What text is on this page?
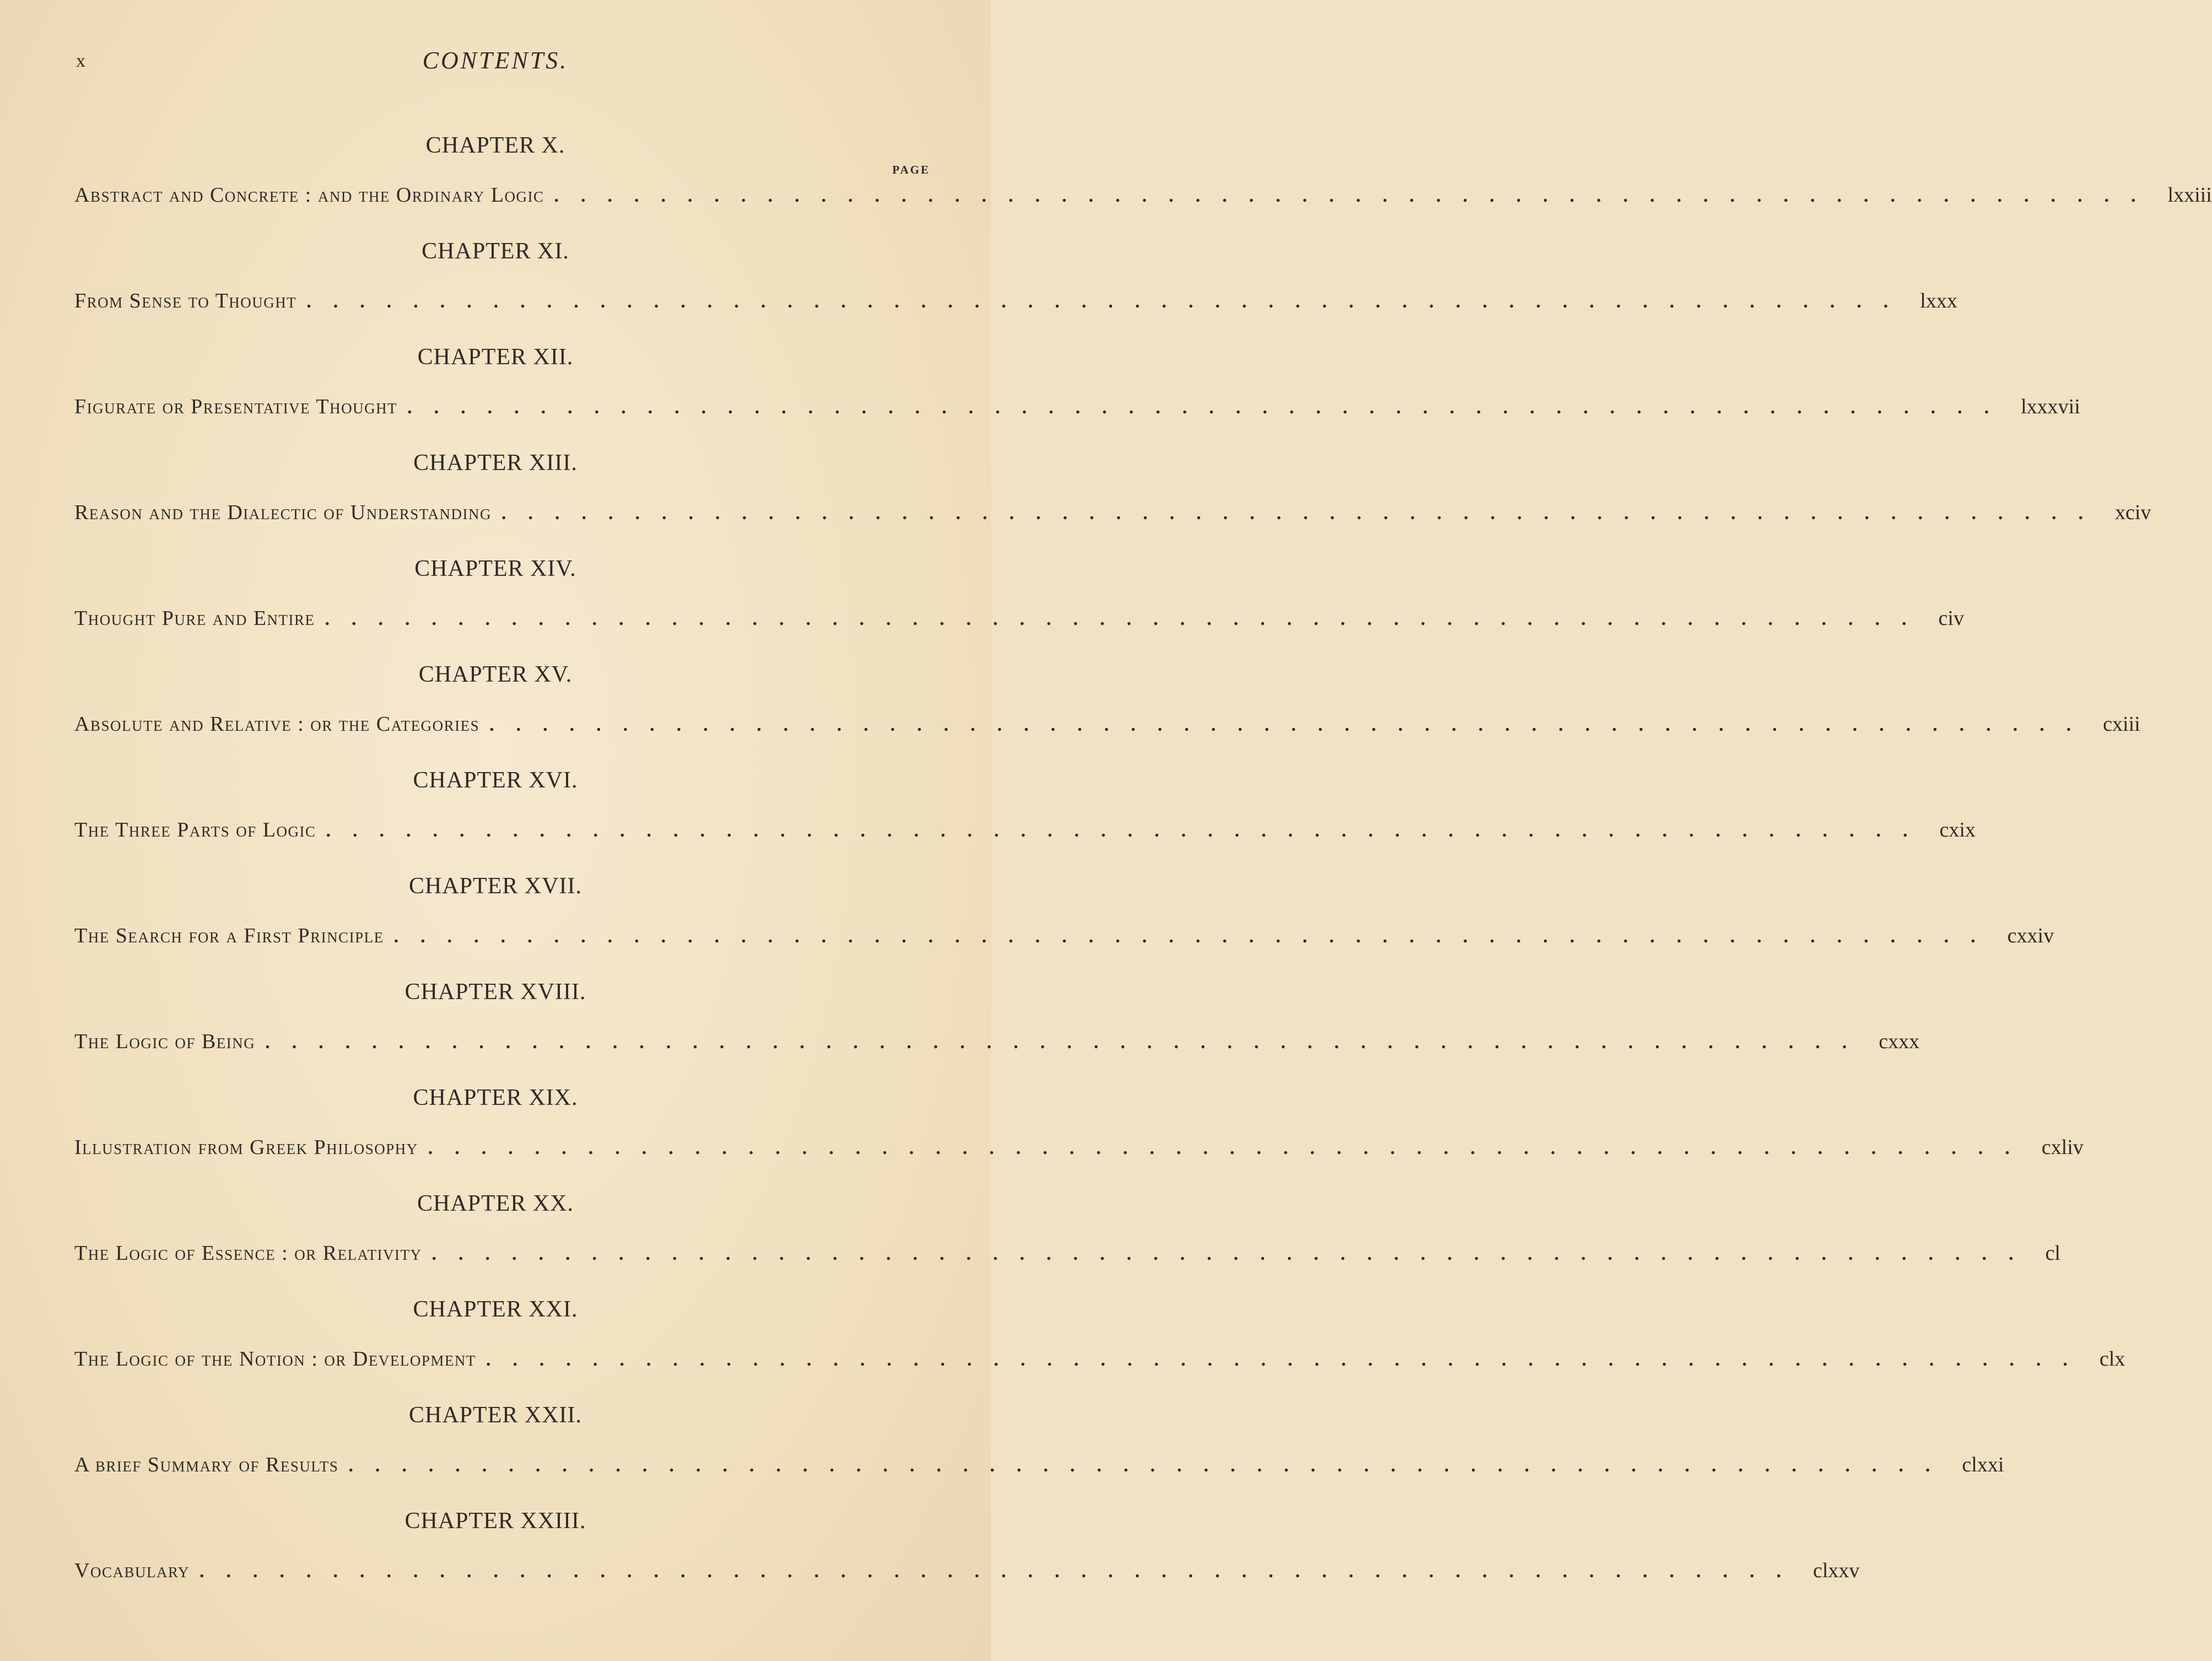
x	CONTENTS.
PAGE
CHAPTER X.
Abstract and Concrete : and the Ordinary Logic ............................................................ lxxiii
CHAPTER XI.
From Sense to Thought ............................................................ lxxx
CHAPTER XII.
Figurate or Presentative Thought ............................................................ lxxxvii
CHAPTER XIII.
Reason and the Dialectic of Understanding ............................................................ xciv
CHAPTER XIV.
Thought Pure and Entire ............................................................ civ
CHAPTER XV.
Absolute and Relative : or the Categories ............................................................ cxiii
CHAPTER XVI.
The Three Parts of Logic ............................................................ cxix
CHAPTER XVII.
The Search for a First Principle ............................................................ cxxiv
CHAPTER XVIII.
The Logic of Being ............................................................ cxxx
CHAPTER XIX.
Illustration from Greek Philosophy ............................................................ cxliv
CHAPTER XX.
The Logic of Essence : or Relativity ............................................................ cl
CHAPTER XXI.
The Logic of the Notion : or Development ............................................................ clx
CHAPTER XXII.
A brief Summary of Results ............................................................ clxxi
CHAPTER XXIII.
Vocabulary ............................................................ clxxv
